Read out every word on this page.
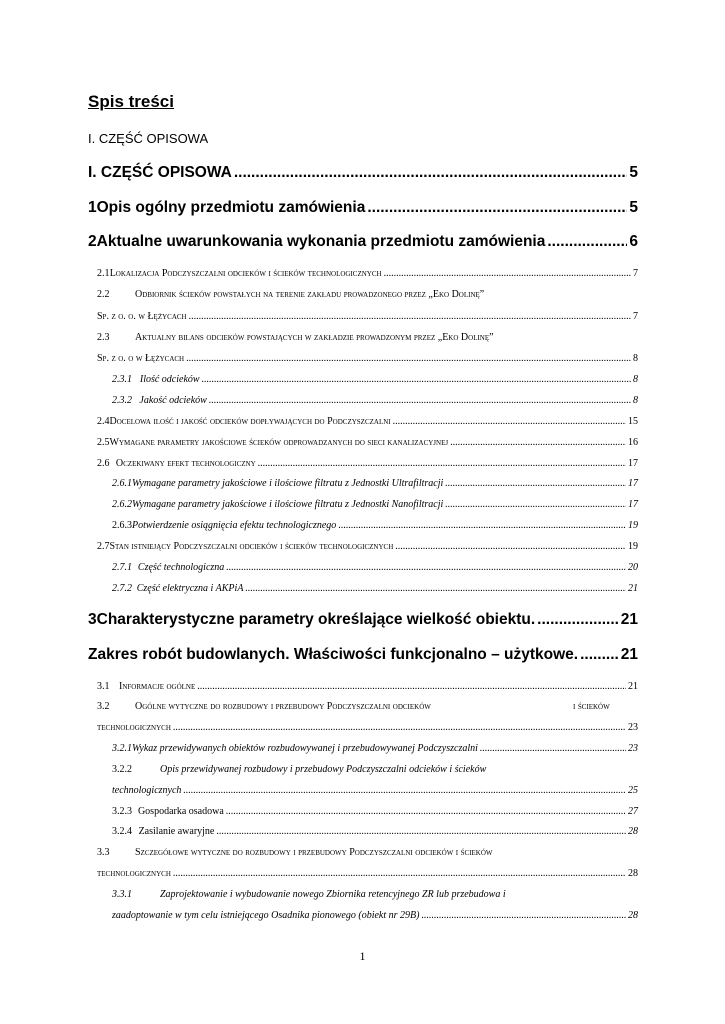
Spis treści
I. CZĘŚĆ OPISOWA
I. CZĘŚĆ OPISOWA .....	5
1 Opis ogólny przedmiotu zamówienia .....	5
2 Aktualne uwarunkowania wykonania przedmiotu zamówienia .....	6
2.1 Lokalizacja Podczyszczalni odcieków i ścieków technologicznych .....	7
2.2	Odbiornik ścieków powstałych na terenie zakładu prowadzonego przez „Eko Dolinę”
Sp. z o. o. w Łężycach .....	7
2.3	Aktualny bilans odcieków powstających w zakładzie prowadzonym przez „Eko Dolinę”
Sp. z o. o w Łężycach .....	8
2.3.1 Ilość odcieków .....	8
2.3.2 Jakość odcieków .....	8
2.4 Docelowa ilość i jakość odcieków dopływających do Podczyszczalni .....	15
2.5 Wymagane parametry jakościowe ścieków odprowadzanych do sieci kanalizacyjnej .....	16
2.6 Oczekiwany efekt technologiczny .....	17
2.6.1 Wymagane parametry jakościowe i ilościowe filtratu z Jednostki Ultrafiltracji .....	17
2.6.2 Wymagane parametry jakościowe i ilościowe filtratu z Jednostki Nanofiltracji .....	17
2.6.3 Potwierdzenie osiągnięcia efektu technologicznego .....	19
2.7 Stan istniejący Podczyszczalni odcieków i ścieków technologicznych .....	19
2.7.1 Część technologiczna .....	20
2.7.2 Część elektryczna i AKPiA .....	21
3 Charakterystyczne parametry określające wielkość obiektu. .....	21
Zakres robót budowlanych. Właściwości funkcjonalno – użytkowe. .....	21
3.1 Informacje ogólne .....	21
3.2	Ogólne wytyczne do rozbudowy i przebudowy Podczyszczalni odcieków	i ścieków
technologicznych .....	23
3.2.1 Wykaz przewidywanych obiektów rozbudowywanej i przebudowywanej Podczyszczalni .....	23
3.2.2	Opis przewidywanej rozbudowy i przebudowy Podczyszczalni odcieków i ścieków
technologicznych .....	25
3.2.3 Gospodarka osadowa .....	27
3.2.4 Zasilanie awaryjne .....	28
3.3	Szczegółowe wytyczne do rozbudowy i przebudowy Podczyszczalni odcieków i ścieków
technologicznych .....	28
3.3.1	Zaprojektowanie i wybudowanie nowego Zbiornika retencyjnego ZR lub przebudowa i
zaadoptowanie w tym celu istniejącego Osadnika pionowego (obiekt nr 29B) .....	28
1
